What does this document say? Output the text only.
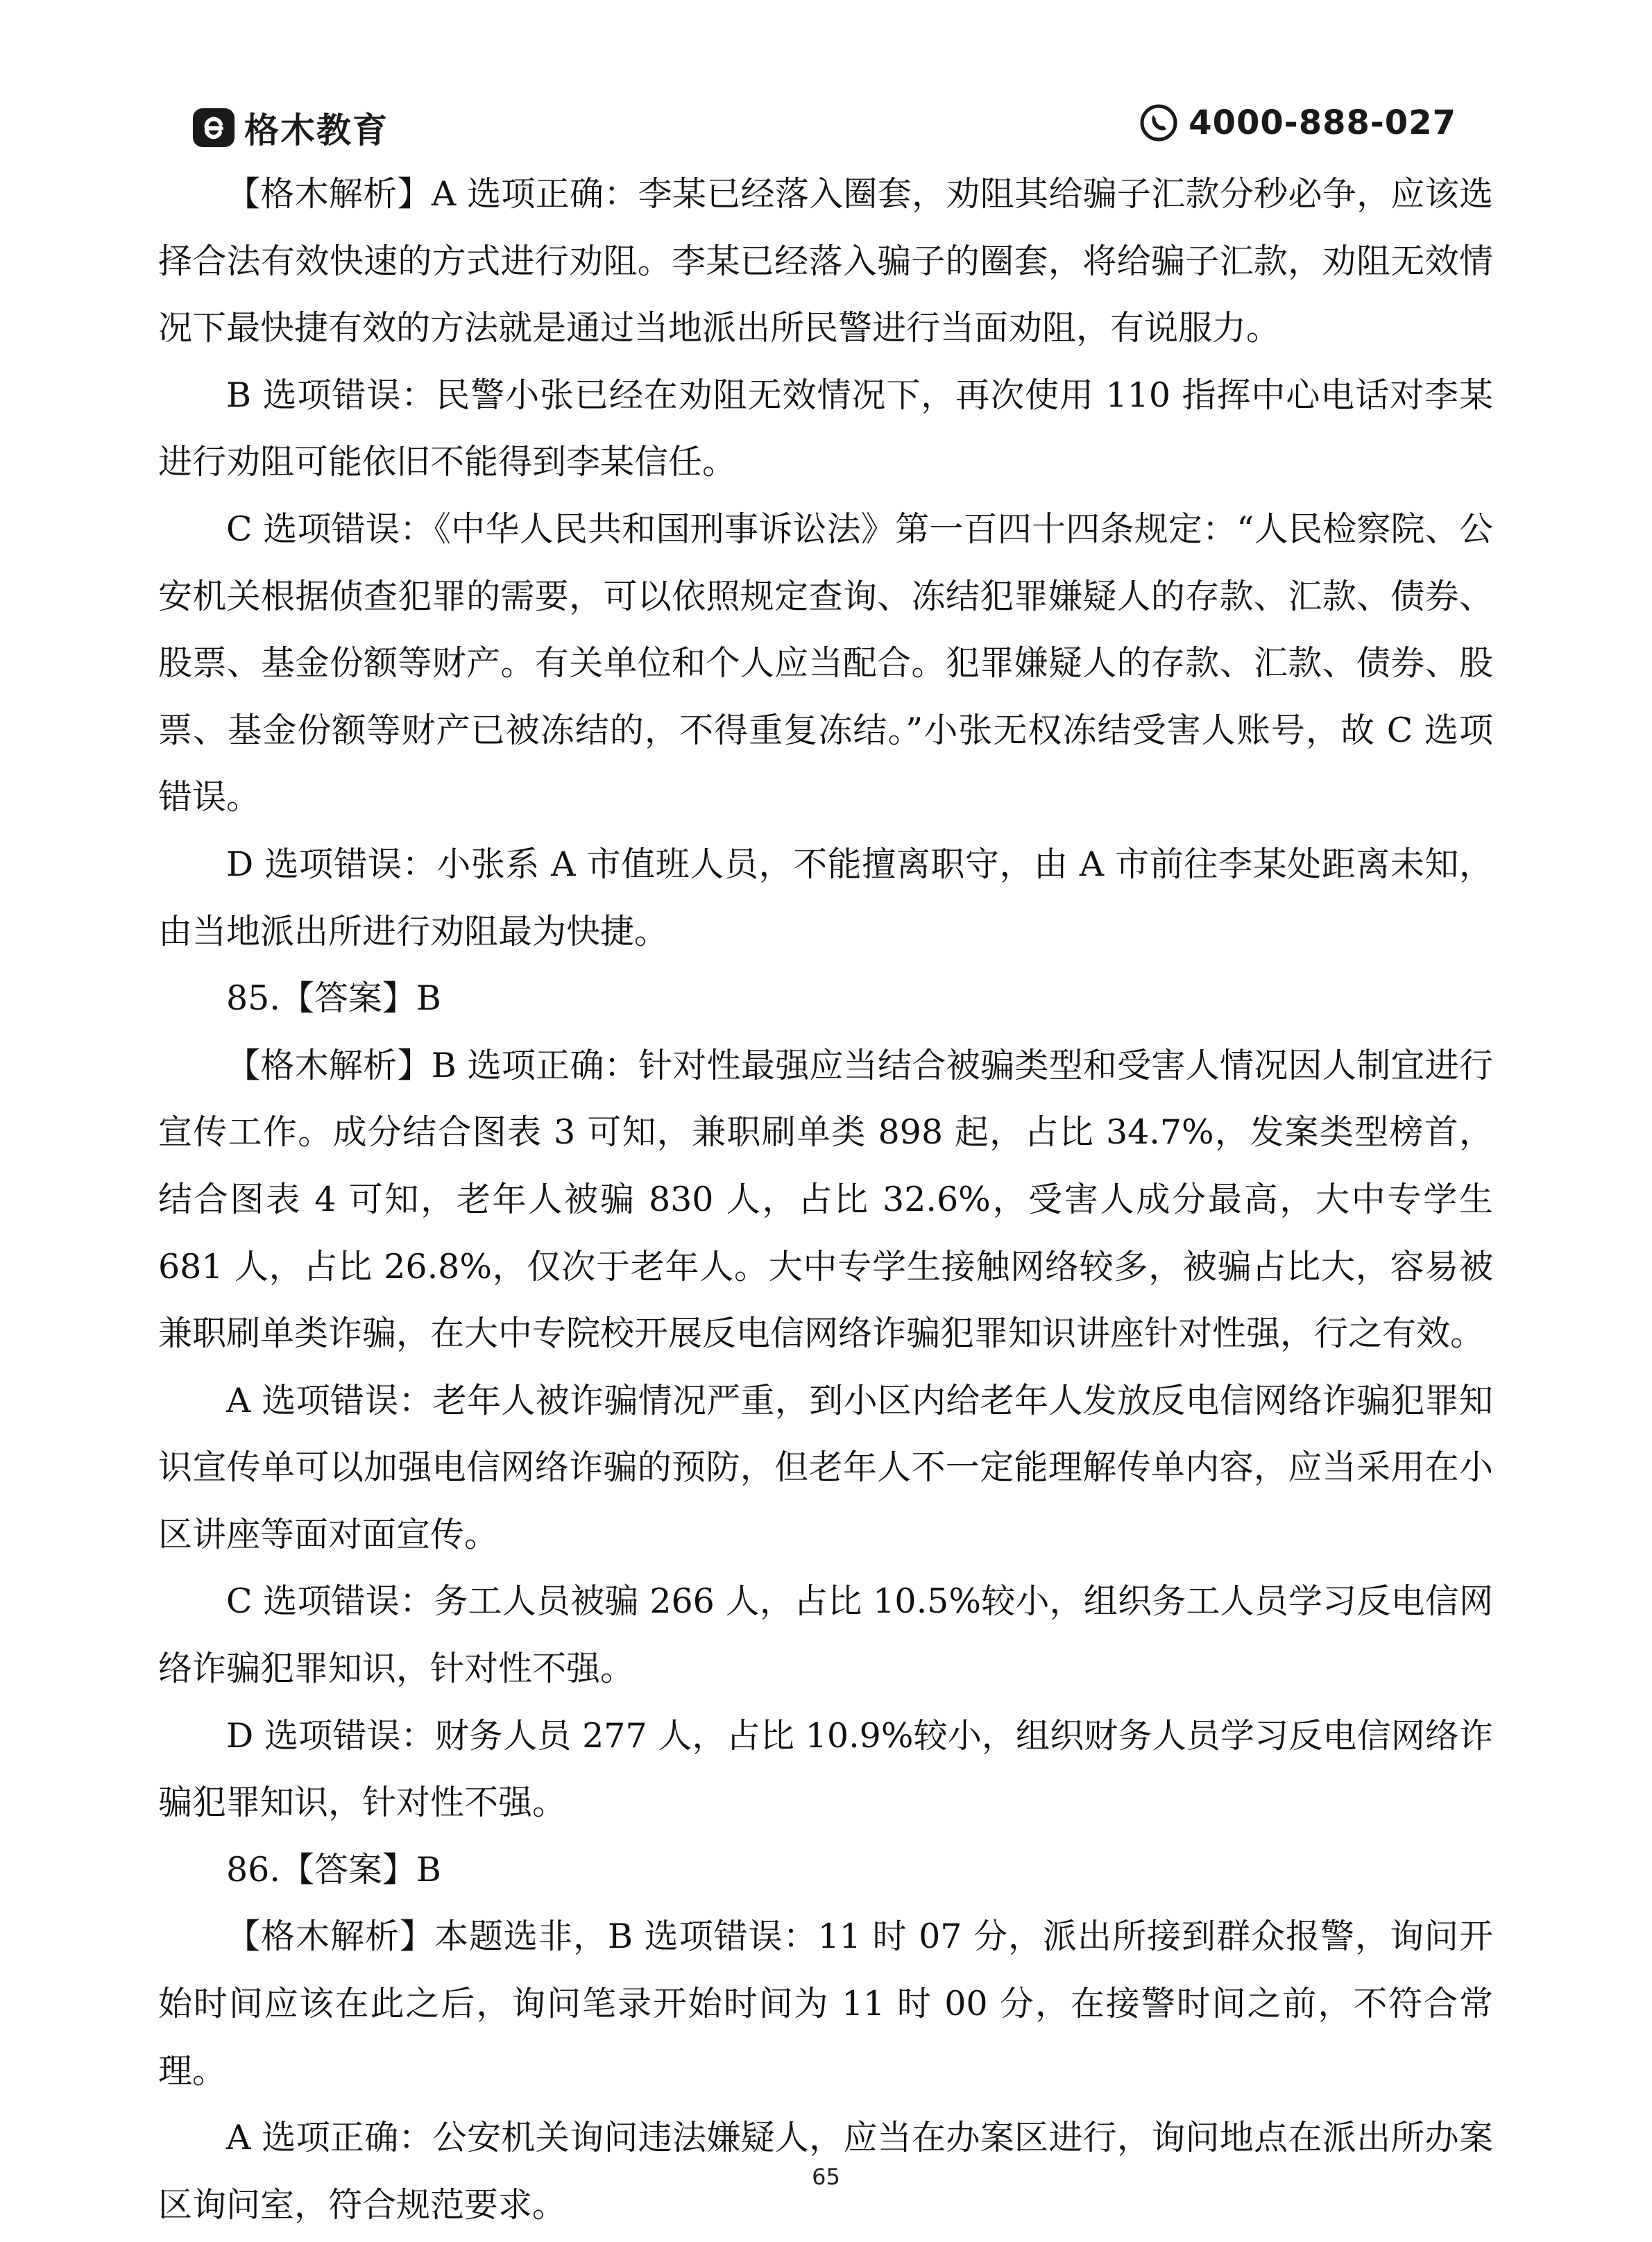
格木教育	4000-888-027

【格木解析】A 选项正确：李某已经落入圈套，劝阻其给骗子汇款分秒必争，应该选择合法有效快速的方式进行劝阻。李某已经落入骗子的圈套，将给骗子汇款，劝阻无效情况下最快捷有效的方法就是通过当地派出所民警进行当面劝阻，有说服力。

B 选项错误：民警小张已经在劝阻无效情况下，再次使用 110 指挥中心电话对李某进行劝阻可能依旧不能得到李某信任。

C 选项错误：《中华人民共和国刑事诉讼法》第一百四十四条规定：“人民检察院、公安机关根据侦查犯罪的需要，可以依照规定查询、冻结犯罪嫌疑人的存款、汇款、债券、股票、基金份额等财产。有关单位和个人应当配合。犯罪嫌疑人的存款、汇款、债券、股票、基金份额等财产已被冻结的，不得重复冻结。”小张无权冻结受害人账号，故 C 选项错误。

D 选项错误：小张系 A 市值班人员，不能擅离职守，由 A 市前往李某处距离未知，由当地派出所进行劝阻最为快捷。

85.【答案】B

【格木解析】B 选项正确：针对性最强应当结合被骗类型和受害人情况因人制宜进行宣传工作。成分结合图表 3 可知，兼职刷单类 898 起，占比 34.7%，发案类型榜首，结合图表 4 可知，老年人被骗 830 人，占比 32.6%，受害人成分最高，大中专学生 681 人，占比 26.8%，仅次于老年人。大中专学生接触网络较多，被骗占比大，容易被兼职刷单类诈骗，在大中专院校开展反电信网络诈骗犯罪知识讲座针对性强，行之有效。

A 选项错误：老年人被诈骗情况严重，到小区内给老年人发放反电信网络诈骗犯罪知识宣传单可以加强电信网络诈骗的预防，但老年人不一定能理解传单内容，应当采用在小区讲座等面对面宣传。

C 选项错误：务工人员被骗 266 人，占比 10.5%较小，组织务工人员学习反电信网络诈骗犯罪知识，针对性不强。

D 选项错误：财务人员 277 人，占比 10.9%较小，组织财务人员学习反电信网络诈骗犯罪知识，针对性不强。

86.【答案】B

【格木解析】本题选非，B 选项错误：11 时 07 分，派出所接到群众报警，询问开始时间应该在此之后，询问笔录开始时间为 11 时 00 分，在接警时间之前，不符合常理。

A 选项正确：公安机关询问违法嫌疑人，应当在办案区进行，询问地点在派出所办案区询问室，符合规范要求。

65
